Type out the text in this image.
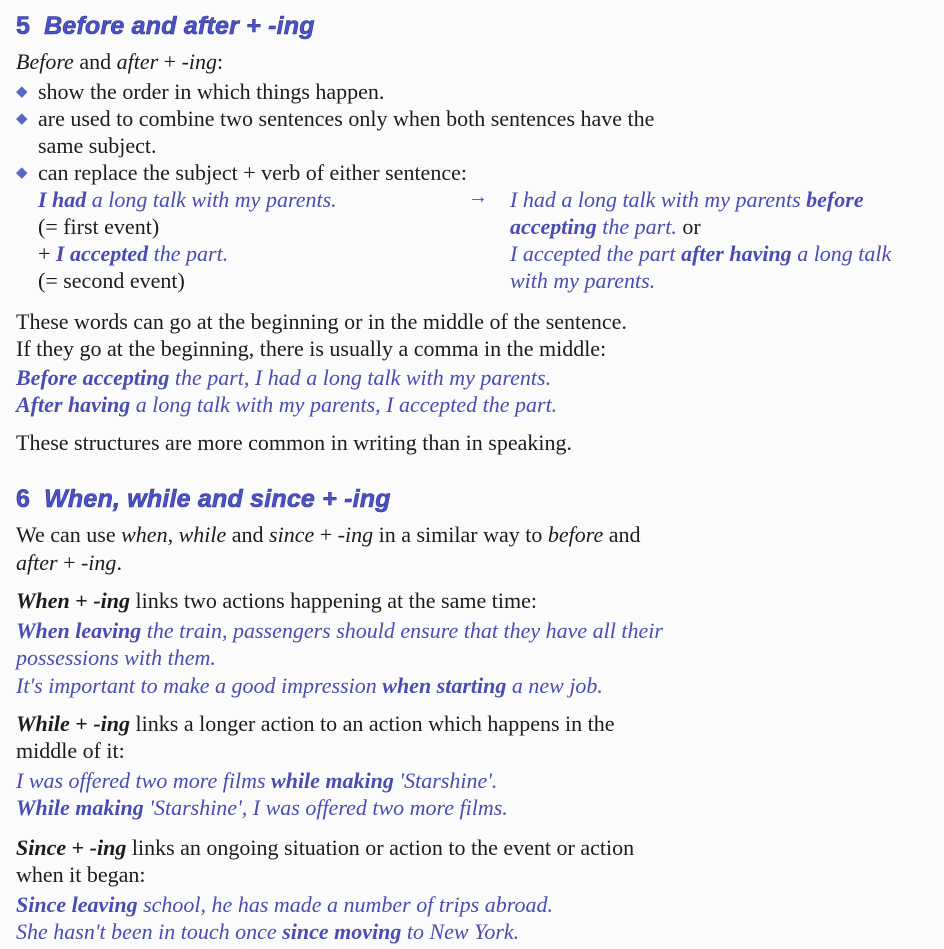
5 Before and after + -ing
Before and after + -ing:
◆ show the order in which things happen.
◆ are used to combine two sentences only when both sentences have the
same subject.
◆ can replace the subject + verb of either sentence:
I had a long talk with my parents.
(= first event)
+ I accepted the part.
(= second event)
→ I had a long talk with my parents before
accepting the part. or
I accepted the part after having a long talk
with my parents.
These words can go at the beginning or in the middle of the sentence.
If they go at the beginning, there is usually a comma in the middle:
Before accepting the part, I had a long talk with my parents.
After having a long talk with my parents, I accepted the part.
These structures are more common in writing than in speaking.
6 When, while and since + -ing
We can use when, while and since + -ing in a similar way to before and
after + -ing.
When + -ing links two actions happening at the same time:
When leaving the train, passengers should ensure that they have all their
possessions with them.
It's important to make a good impression when starting a new job.
While + -ing links a longer action to an action which happens in the
middle of it:
I was offered two more films while making 'Starshine'.
While making 'Starshine', I was offered two more films.
Since + -ing links an ongoing situation or action to the event or action
when it began:
Since leaving school, he has made a number of trips abroad.
She hasn't been in touch once since moving to New York.
